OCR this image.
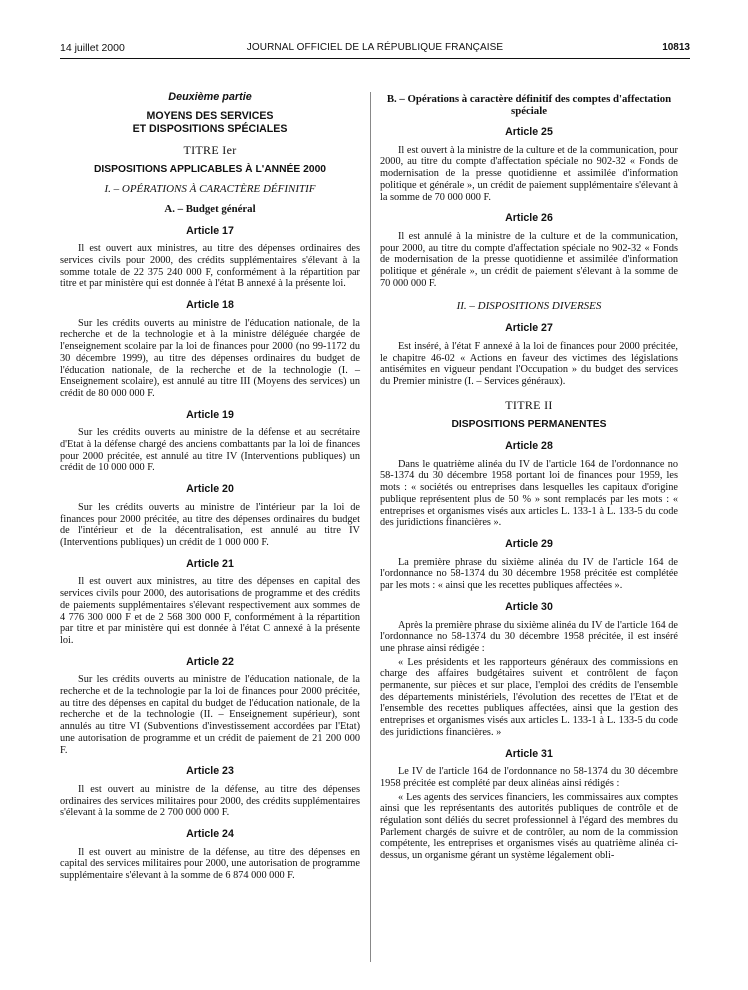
14 juillet 2000	JOURNAL OFFICIEL DE LA RÉPUBLIQUE FRANÇAISE	10813
Deuxième partie
MOYENS DES SERVICES
ET DISPOSITIONS SPÉCIALES
TITRE Ier
DISPOSITIONS APPLICABLES À L'ANNÉE 2000
I. – OPÉRATIONS À CARACTÈRE DÉFINITIF
A. – Budget général
Article 17
Il est ouvert aux ministres, au titre des dépenses ordinaires des services civils pour 2000, des crédits supplémentaires s'élevant à la somme totale de 22 375 240 000 F, conformément à la répartition par titre et par ministère qui est donnée à l'état B annexé à la présente loi.
Article 18
Sur les crédits ouverts au ministre de l'éducation nationale, de la recherche et de la technologie et à la ministre déléguée chargée de l'enseignement scolaire par la loi de finances pour 2000 (no 99-1172 du 30 décembre 1999), au titre des dépenses ordinaires du budget de l'éducation nationale, de la recherche et de la technologie (I. – Enseignement scolaire), est annulé au titre III (Moyens des services) un crédit de 80 000 000 F.
Article 19
Sur les crédits ouverts au ministre de la défense et au secrétaire d'Etat à la défense chargé des anciens combattants par la loi de finances pour 2000 précitée, est annulé au titre IV (Interventions publiques) un crédit de 10 000 000 F.
Article 20
Sur les crédits ouverts au ministre de l'intérieur par la loi de finances pour 2000 précitée, au titre des dépenses ordinaires du budget de l'intérieur et de la décentralisation, est annulé au titre IV (Interventions publiques) un crédit de 1 000 000 F.
Article 21
Il est ouvert aux ministres, au titre des dépenses en capital des services civils pour 2000, des autorisations de programme et des crédits de paiements supplémentaires s'élevant respectivement aux sommes de 4 776 300 000 F et de 2 568 300 000 F, conformément à la répartition par titre et par ministère qui est donnée à l'état C annexé à la présente loi.
Article 22
Sur les crédits ouverts au ministre de l'éducation nationale, de la recherche et de la technologie par la loi de finances pour 2000 précitée, au titre des dépenses en capital du budget de l'éducation nationale, de la recherche et de la technologie (II. – Enseignement supérieur), sont annulés au titre VI (Subventions d'investissement accordées par l'Etat) une autorisation de programme et un crédit de paiement de 21 200 000 F.
Article 23
Il est ouvert au ministre de la défense, au titre des dépenses ordinaires des services militaires pour 2000, des crédits supplémentaires s'élevant à la somme de 2 700 000 000 F.
Article 24
Il est ouvert au ministre de la défense, au titre des dépenses en capital des services militaires pour 2000, une autorisation de programme supplémentaire s'élevant à la somme de 6 874 000 000 F.
B. – Opérations à caractère définitif des comptes d'affectation spéciale
Article 25
Il est ouvert à la ministre de la culture et de la communication, pour 2000, au titre du compte d'affectation spéciale no 902-32 « Fonds de modernisation de la presse quotidienne et assimilée d'information politique et générale », un crédit de paiement supplémentaire s'élevant à la somme de 70 000 000 F.
Article 26
Il est annulé à la ministre de la culture et de la communication, pour 2000, au titre du compte d'affectation spéciale no 902-32 « Fonds de modernisation de la presse quotidienne et assimilée d'information politique et générale », un crédit de paiement s'élevant à la somme de 70 000 000 F.
II. – DISPOSITIONS DIVERSES
Article 27
Est inséré, à l'état F annexé à la loi de finances pour 2000 précitée, le chapitre 46-02 « Actions en faveur des victimes des législations antisémites en vigueur pendant l'Occupation » du budget des services du Premier ministre (I. – Services généraux).
TITRE II
DISPOSITIONS PERMANENTES
Article 28
Dans le quatrième alinéa du IV de l'article 164 de l'ordonnance no 58-1374 du 30 décembre 1958 portant loi de finances pour 1959, les mots : « sociétés ou entreprises dans lesquelles les capitaux d'origine publique représentent plus de 50 % » sont remplacés par les mots : « entreprises et organismes visés aux articles L. 133-1 à L. 133-5 du code des juridictions financières ».
Article 29
La première phrase du sixième alinéa du IV de l'article 164 de l'ordonnance no 58-1374 du 30 décembre 1958 précitée est complétée par les mots : « ainsi que les recettes publiques affectées ».
Article 30
Après la première phrase du sixième alinéa du IV de l'article 164 de l'ordonnance no 58-1374 du 30 décembre 1958 précitée, il est inséré une phrase ainsi rédigée :
« Les présidents et les rapporteurs généraux des commissions en charge des affaires budgétaires suivent et contrôlent de façon permanente, sur pièces et sur place, l'emploi des crédits de l'ensemble des départements ministériels, l'évolution des recettes de l'Etat et de l'ensemble des recettes publiques affectées, ainsi que la gestion des entreprises et organismes visés aux articles L. 133-1 à L. 133-5 du code des juridictions financières. »
Article 31
Le IV de l'article 164 de l'ordonnance no 58-1374 du 30 décembre 1958 précitée est complété par deux alinéas ainsi rédigés :
« Les agents des services financiers, les commissaires aux comptes ainsi que les représentants des autorités publiques de contrôle et de régulation sont déliés du secret professionnel à l'égard des membres du Parlement chargés de suivre et de contrôler, au nom de la commission compétente, les entreprises et organismes visés au quatrième alinéa ci-dessus, un organisme gérant un système légalement obli-
